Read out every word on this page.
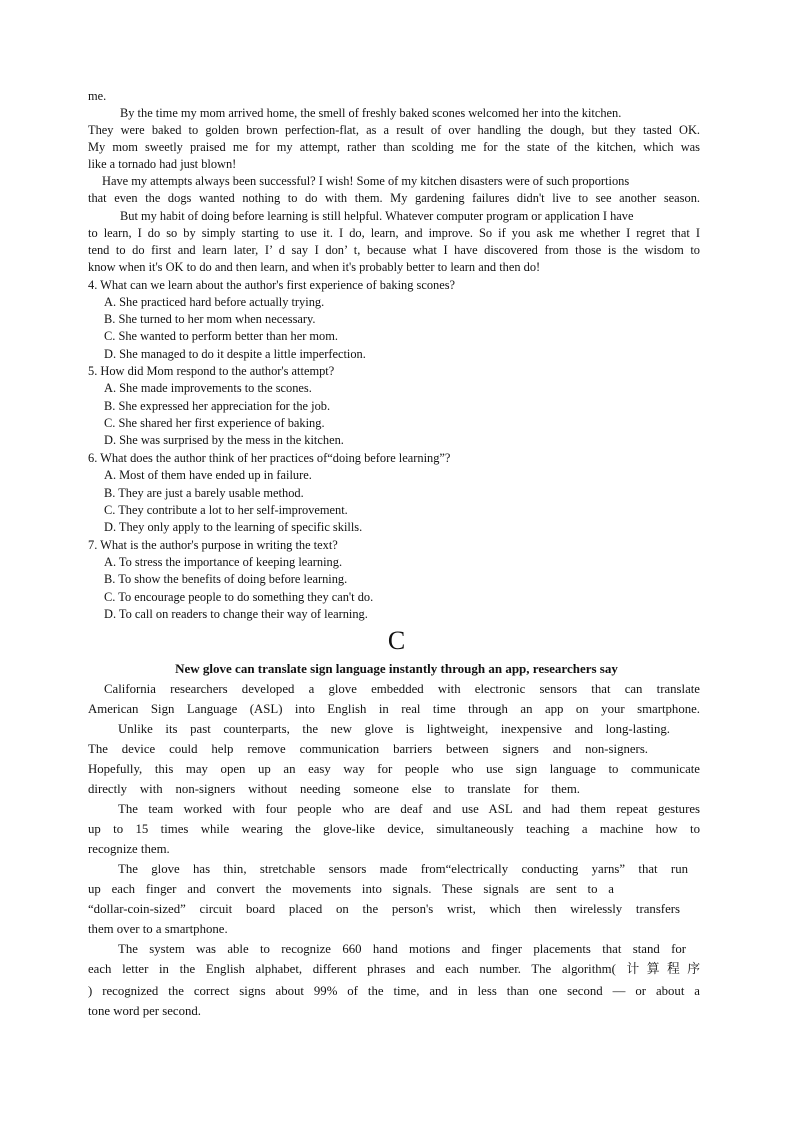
me.
By the time my mom arrived home, the smell of freshly baked scones welcomed her into the kitchen.
They were baked to golden brown perfection-flat, as a result of over handling the dough, but they tasted OK.
My mom sweetly praised me for my attempt, rather than scolding me for the state of the kitchen, which was
like a tornado had just blown!
Have my attempts always been successful? I wish! Some of my kitchen disasters were of such proportions
that even the dogs wanted nothing to do with them. My gardening failures didn't live to see another season.
But my habit of doing before learning is still helpful. Whatever computer program or application I have
to learn, I do so by simply starting to use it. I do, learn, and improve. So if you ask me whether I regret that I
tend to do first and learn later, I’ d say I don’ t, because what I have discovered from those is the wisdom to
know when it's OK to do and then learn, and when it's probably better to learn and then do!
4. What can we learn about the author's first experience of baking scones?
A. She practiced hard before actually trying.
B. She turned to her mom when necessary.
C. She wanted to perform better than her mom.
D. She managed to do it despite a little imperfection.
5. How did Mom respond to the author's attempt?
A. She made improvements to the scones.
B. She expressed her appreciation for the job.
C. She shared her first experience of baking.
D. She was surprised by the mess in the kitchen.
6. What does the author think of her practices of“doing before learning”?
A. Most of them have ended up in failure.
B. They are just a barely usable method.
C. They contribute a lot to her self-improvement.
D. They only apply to the learning of specific skills.
7. What is the author's purpose in writing the text?
A. To stress the importance of keeping learning.
B. To show the benefits of doing before learning.
C. To encourage people to do something they can't do.
D. To call on readers to change their way of learning.
C
New glove can translate sign language instantly through an app, researchers say
California researchers developed a glove embedded with electronic sensors that can translate
American Sign Language (ASL) into English in real time through an app on your smartphone.
Unlike its past counterparts, the new glove is lightweight, inexpensive and long-lasting.
The device could help remove communication barriers between signers and non-signers.
Hopefully, this may open up an easy way for people who use sign language to communicate
directly with non-signers without needing someone else to translate for them.
The team worked with four people who are deaf and use ASL and had them repeat gestures
up to 15 times while wearing the glove-like device, simultaneously teaching a machine how to
recognize them.
The glove has thin, stretchable sensors made from“electrically conducting yarns” that run
up each finger and convert the movements into signals. These signals are sent to a
“dollar-coin-sized” circuit board placed on the person's wrist, which then wirelessly transfers
them over to a smartphone.
The system was able to recognize 660 hand motions and finger placements that stand for
each letter in the English alphabet, different phrases and each number. The algorithm( 计算程序
) recognized the correct signs about 99% of the time, and in less than one second — or about a
tone word per second.
